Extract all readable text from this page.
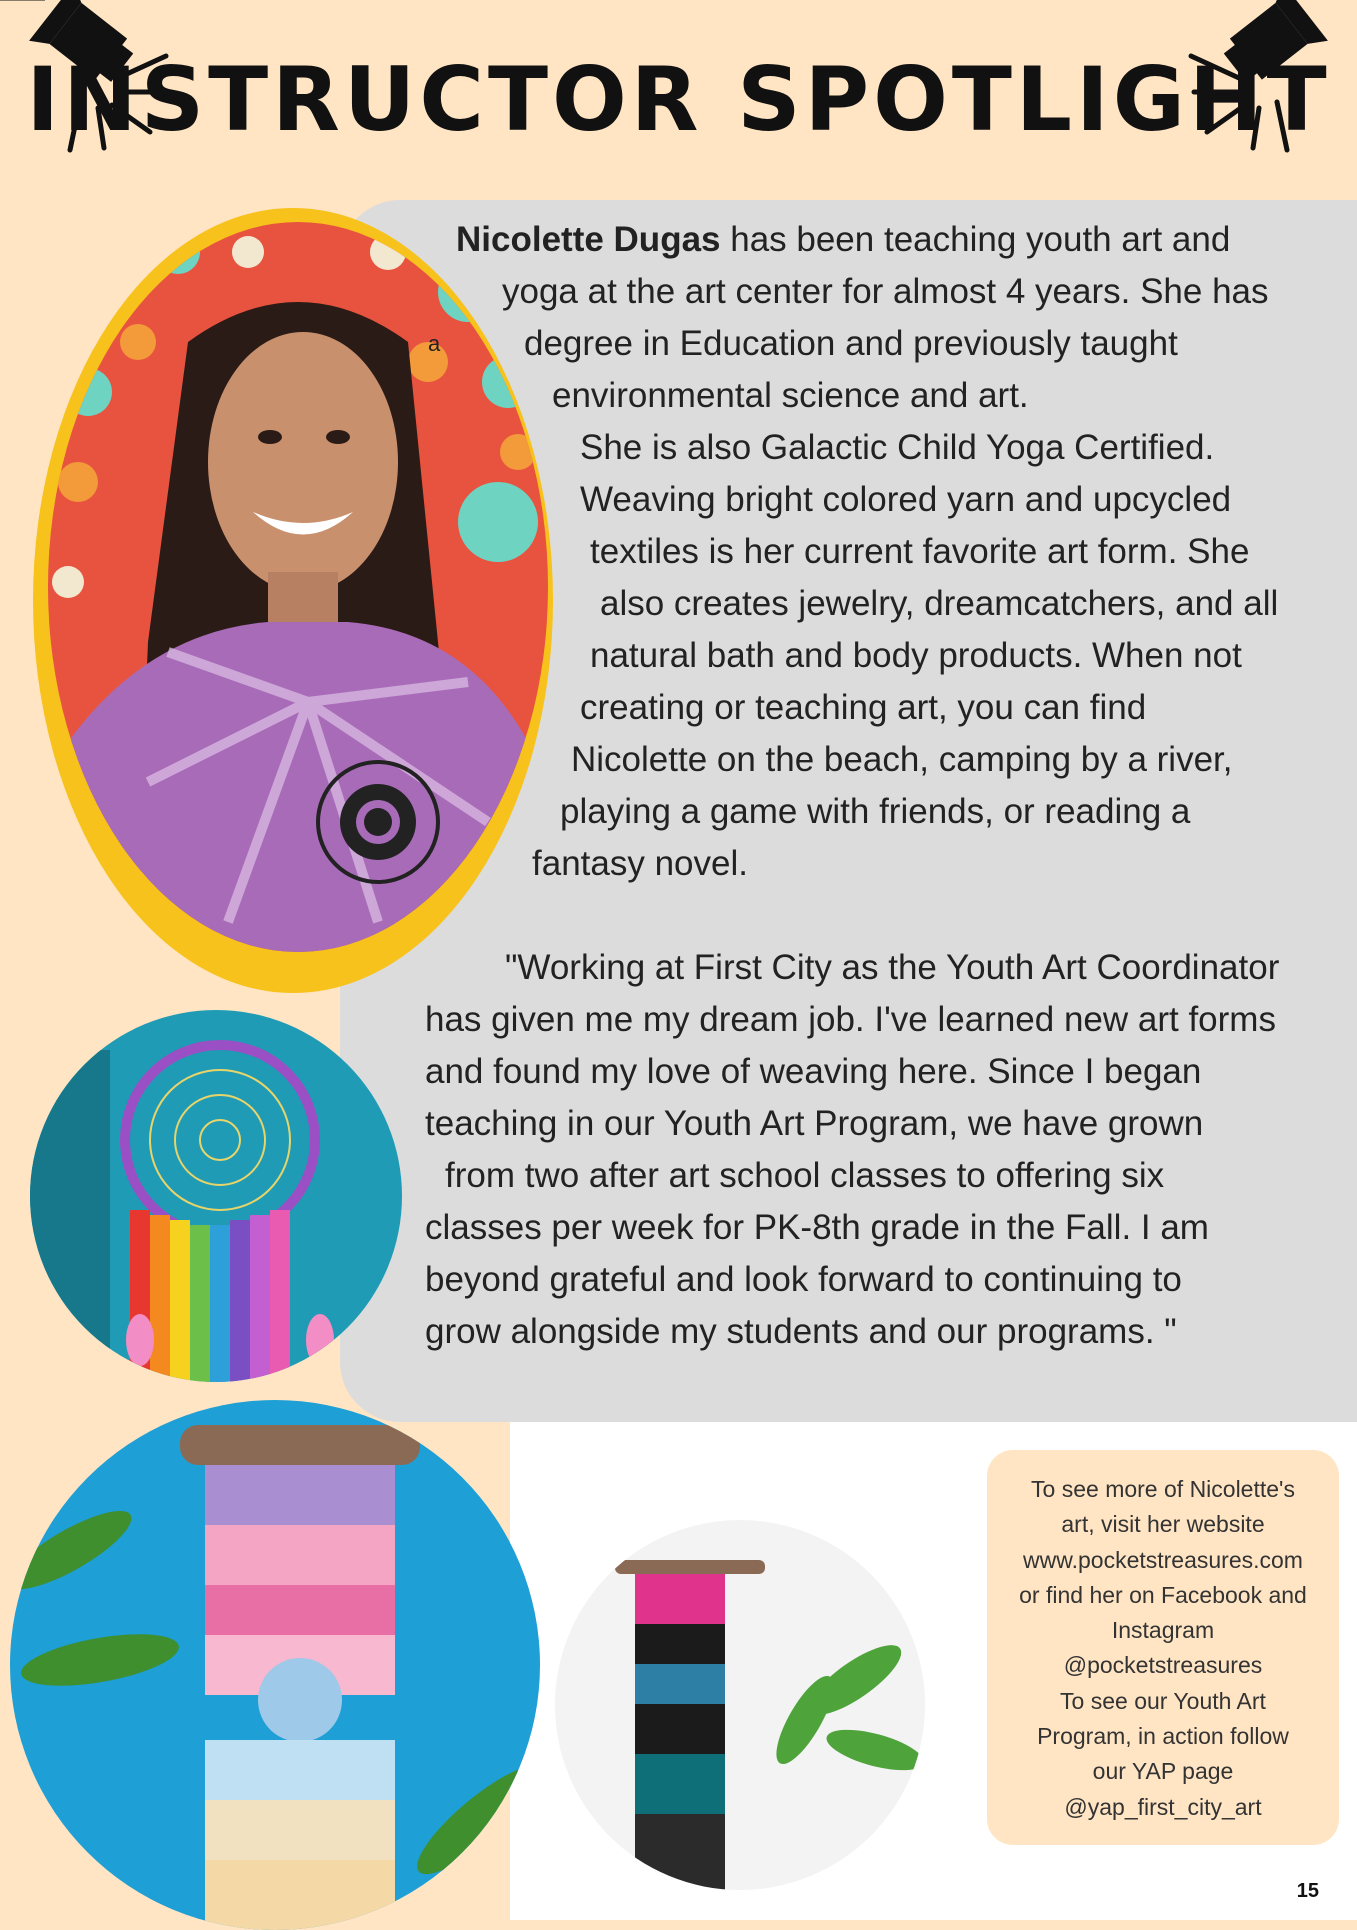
INSTRUCTOR SPOTLIGHT
Nicolette Dugas has been teaching youth art and
yoga at the art center for almost 4 years. She has
a degree in Education and previously taught
environmental science and art.
She is also Galactic Child Yoga Certified.
Weaving bright colored yarn and upcycled
textiles is her current favorite art form. She
also creates jewelry, dreamcatchers, and all
natural bath and body products. When not
creating or teaching art, you can find
Nicolette on the beach, camping by a river,
playing a game with friends, or reading a
fantasy novel.
"Working at First City as the Youth Art Coordinator
has given me my dream job. I've learned new art forms
and found my love of weaving here. Since I began
teaching in our Youth Art Program, we have grown
from two after art school classes to offering six
classes per week for PK-8th grade in the Fall. I am
beyond grateful and look forward to continuing to
grow alongside my students and our programs. "
To see more of Nicolette's
art, visit her website
www.pocketstreasures.com
or find her on Facebook and
Instagram
@pocketstreasures
To see our Youth Art
Program, in action follow
our YAP page
@yap_first_city_art
15
